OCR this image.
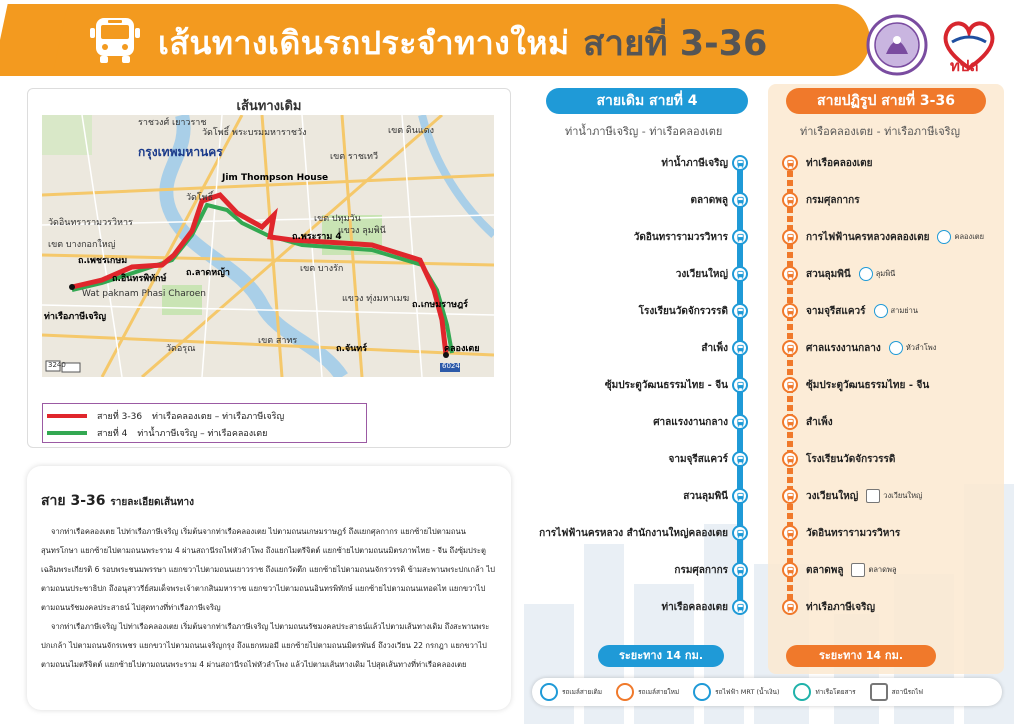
เส้นทางเดินรถประจำทางใหม่ สายที่ 3-36
ทปถ
เส้นทางเดิม
ราชวงศ์ เยาวราช
วัดโพธิ์ พระบรมมหาราชวัง
กรุงเทพมหานคร	เขต ราชเทวี
เขต ดินแดง
Jim Thompson House
วัดโพธิ์
วัดอินทรารามวรวิหาร	เขต ปทุมวัน
แขวง ลุมพินี
เขต บางกอกใหญ่
ถ.พระราม 4
ถ.เพชรเกษม
ถ.อินทรพิทักษ์
ถ.ลาดหญ้า	เขต บางรัก
Wat paknam Phasi Charoen
ท่าเรือภาษีเจริญ
แขวง ทุ่งมหาเมฆ
ถ.เกษมราษฎร์
เขต สาทร
ถ.จันทร์
วัดอรุณ	คลองเตย
3240	6024
สายที่ 3-36 ท่าเรือคลองเตย – ท่าเรือภาษีเจริญ
สายที่ 4 ท่าน้ำภาษีเจริญ – ท่าเรือคลองเตย
สาย 3-36 รายละเอียดเส้นทาง

จากท่าเรือคลองเตย ไปท่าเรือภาษีเจริญ เริ่มต้นจากท่าเรือคลองเตย ไปตามถนนเกษมราษฎร์ ถึงแยกศุลกากร แยกซ้ายไปตามถนนสุนทรโกษา แยกซ้ายไปตามถนนพระราม 4 ผ่านสถานีรถไฟหัวลำโพง ถึงแยกไมตรีจิตต์ แยกซ้ายไปตามถนนมิตรภาพไทย - จีน ถึงซุ้มประตูเฉลิมพระเกียรติ 6 รอบพระชนมพรรษา แยกขวาไปตามถนนเยาวราช ถึงแยกวัดตึก แยกซ้ายไปตามถนนจักรวรรดิ ข้ามสะพานพระปกเกล้า ไปตามถนนประชาธิปก ถึงอนุสาวรีย์สมเด็จพระเจ้าตากสินมหาราช แยกขวาไปตามถนนอินทรพิทักษ์ แยกซ้ายไปตามถนนเทอดไท แยกขวาไปตามถนนรัชมงคลประสาธน์ ไปสุดทางที่ท่าเรือภาษีเจริญ

จากท่าเรือภาษีเจริญ ไปท่าเรือคลองเตย เริ่มต้นจากท่าเรือภาษีเจริญ ไปตามถนนรัชมงคลประสาธน์แล้วไปตามเส้นทางเดิม ถึงสะพานพระปกเกล้า ไปตามถนนจักรเพชร แยกขวาไปตามถนนเจริญกรุง ถึงแยกหมอมี แยกซ้ายไปตามถนนมิตรพันธ์ ถึงวงเวียน 22 กรกฎา แยกขวาไปตามถนนไมตรีจิตต์ แยกซ้ายไปตามถนนพระราม 4 ผ่านสถานีรถไฟหัวลำโพง แล้วไปตามเส้นทางเดิม ไปสุดเส้นทางที่ท่าเรือคลองเตย

สายเดิม สายที่ 4
ท่าน้ำภาษีเจริญ - ท่าเรือคลองเตย
ท่าน้ำภาษีเจริญ
ตลาดพลู
วัดอินทรารามวรวิหาร
วงเวียนใหญ่
โรงเรียนวัดจักรวรรดิ
สำเพ็ง
ซุ้มประตูวัฒนธรรมไทย - จีน
ศาลแรงงานกลาง
จามจุรีสแควร์
สวนลุมพินี
การไฟฟ้านครหลวง สำนักงานใหญ่คลองเตย
กรมศุลกากร
ท่าเรือคลองเตย
ระยะทาง 14 กม.
สายปฏิรูป สายที่ 3-36
ท่าเรือคลองเตย - ท่าเรือภาษีเจริญ
ท่าเรือคลองเตย
กรมศุลกากร
การไฟฟ้านครหลวงคลองเตย	คลองเตย
สวนลุมพินี	ลุมพินี
จามจุรีสแควร์	สามย่าน
ศาลแรงงานกลาง	หัวลำโพง
ซุ้มประตูวัฒนธรรมไทย - จีน
สำเพ็ง
โรงเรียนวัดจักรวรรดิ
วงเวียนใหญ่	วงเวียนใหญ่
วัดอินทรารามวรวิหาร
ตลาดพลู	ตลาดพลู
ท่าเรือภาษีเจริญ
ระยะทาง 14 กม.
รถเมล์สายเดิม	รถเมล์สายใหม่	รถไฟฟ้า MRT (น้ำเงิน)	ท่าเรือโดยสาร	สถานีรถไฟ
